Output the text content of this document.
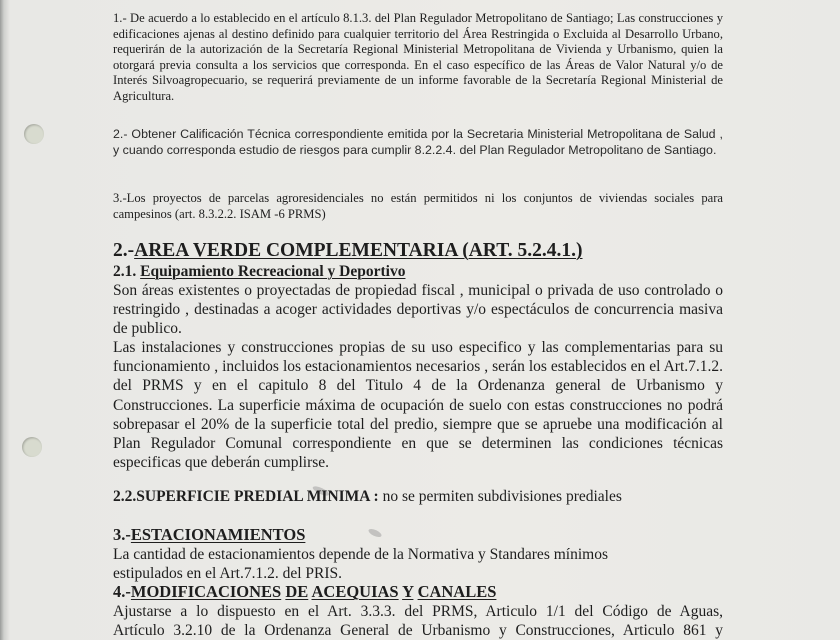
1.- De acuerdo a lo establecido en el artículo 8.1.3. del Plan Regulador Metropolitano de Santiago; Las construcciones y edificaciones ajenas al destino definido para cualquier territorio del Área Restringida o Excluida al Desarrollo Urbano, requerirán de la autorización de la Secretaría Regional Ministerial Metropolitana de Vivienda y Urbanismo, quien la otorgará previa consulta a los servicios que corresponda. En el caso específico de las Áreas de Valor Natural y/o de Interés Silvoagropecuario, se requerirá previamente de un informe favorable de la Secretaría Regional Ministerial de Agricultura.

2.- Obtener Calificación Técnica correspondiente emitida por la Secretaria Ministerial Metropolitana de Salud , y cuando corresponda estudio de riesgos para cumplir 8.2.2.4. del Plan Regulador Metropolitano de Santiago.

3.-Los proyectos de parcelas agroresidenciales no están permitidos ni los conjuntos de viviendas sociales para campesinos (art. 8.3.2.2. ISAM -6 PRMS)

2.-AREA VERDE COMPLEMENTARIA (ART. 5.2.4.1.)
2.1. Equipamiento Recreacional y Deportivo

Son áreas existentes o proyectadas de propiedad fiscal , municipal o privada de uso controlado o restringido , destinadas a acoger actividades deportivas y/o espectáculos de concurrencia masiva de publico.

Las instalaciones y construcciones propias de su uso especifico y las complementarias para su funcionamiento , incluidos los estacionamientos necesarios , serán los establecidos en el Art.7.1.2. del PRMS y en el capitulo 8 del Titulo 4 de la Ordenanza general de Urbanismo y Construcciones. La superficie máxima de ocupación de suelo con estas construcciones no podrá sobrepasar el 20% de la superficie total del predio, siempre que se apruebe una modificación al Plan Regulador Comunal correspondiente en que se determinen las condiciones técnicas especificas que deberán cumplirse.

2.2.SUPERFICIE PREDIAL MINIMA : no se permiten subdivisiones prediales

3.-ESTACIONAMIENTOS

La cantidad de estacionamientos depende de la Normativa y Standares mínimos

estipulados en el Art.7.1.2. del PRIS.

4.-MODIFICACIONES DE ACEQUIAS Y CANALES

Ajustarse a lo dispuesto en el Art. 3.3.3. del PRMS, Articulo 1/1 del Código de Aguas,

Artículo 3.2.10 de la Ordenanza General de Urbanismo y Construcciones, Articulo 861 y
